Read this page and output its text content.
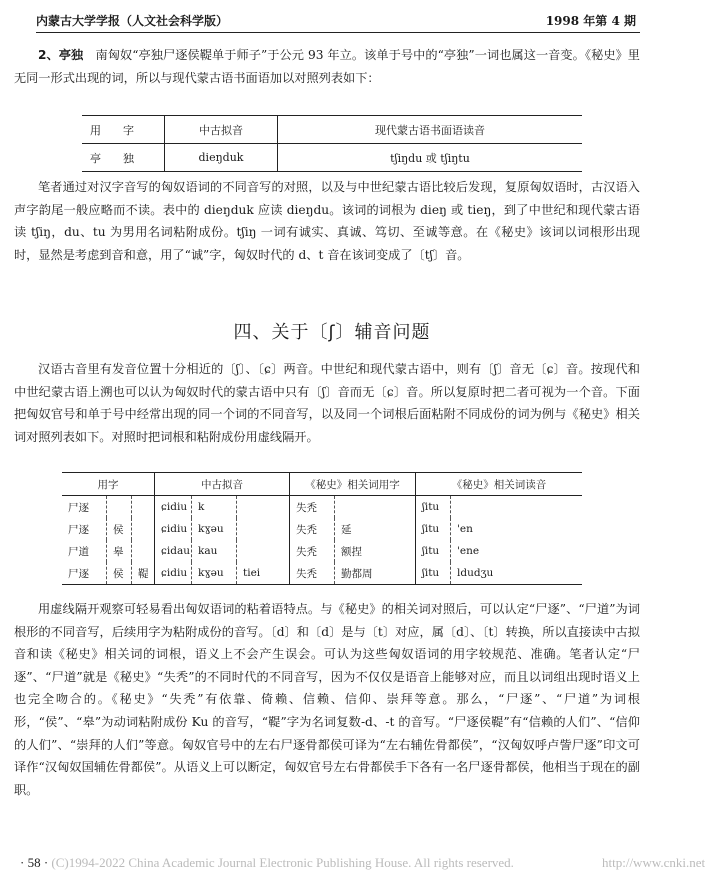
内蒙古大学学报（人文社会科学版）	1998 年第 4 期

2、亭独　南匈奴“亭独尸逐侯鞮单于师子”于公元 93 年立。该单于号中的“亭独”一词也属这一音变。《秘史》里无同一形式出现的词，所以与现代蒙古语书面语加以对照列表如下：

用字	中古拟音	现代蒙古语书面语读音
亭独	dieŋduk	tʃiŋdu 或 tʃiŋtu

笔者通过对汉字音写的匈奴语词的不同音写的对照，以及与中世纪蒙古语比较后发现，复原匈奴语时，古汉语入声字韵尾一般应略而不读。表中的 dieŋduk 应读 dieŋdu。该词的词根为 dieŋ 或 tieŋ，到了中世纪和现代蒙古语读 tʃiŋ，du、tu 为男用名词粘附成份。tʃiŋ 一词有诚实、真诚、笃切、至诚等意。在《秘史》该词以词根形出现时，显然是考虑到音和意，用了“诚”字，匈奴时代的 d、t 音在该词变成了〔tʃ〕音。

四、关于〔ʃ〕辅音问题

汉语古音里有发音位置十分相近的〔ʃ〕、〔ɕ〕两音。中世纪和现代蒙古语中，则有〔ʃ〕音无〔ɕ〕音。按现代和中世纪蒙古语上溯也可以认为匈奴时代的蒙古语中只有〔ʃ〕音而无〔ɕ〕音。所以复原时把二者可视为一个音。下面把匈奴官号和单于号中经常出现的同一个词的不同音写，以及同一个词根后面粘附不同成份的词为例与《秘史》相关词对照列表如下。对照时把词根和粘附成份用虚线隔开。

用字			中古拟音			《秘史》相关词用字		《秘史》相关词读音	
尸逐			ɕidiu	k		失秃		ʃitu	
尸逐	侯		ɕidiu	kɣəu		失秃	延	ʃitu	'en
尸道	皋		ɕidau	kau		失秃	额捏	ʃitu	'ene
尸逐	侯	鞮	ɕidiu	kɣəu	tiei	失秃	勤都周	ʃitu	ldudʒu

用虚线隔开观察可轻易看出匈奴语词的粘着语特点。与《秘史》的相关词对照后，可以认定“尸逐”、“尸道”为词根形的不同音写，后续用字为粘附成份的音写。〔d〕和〔d〕是与〔t〕对应，属〔d〕、〔t〕转换，所以直接读中古拟音和读《秘史》相关词的词根，语义上不会产生误会。可认为这些匈奴语词的用字较规范、准确。笔者认定“尸逐”、“尸道”就是《秘史》“失秃”的不同时代的不同音写，因为不仅仅是语音上能够对应，而且以词组出现时语义上也完全吻合的。《秘史》“失秃”有依靠、倚赖、信赖、信仰、崇拜等意。那么，“尸逐”、“尸道”为词根形，“侯”、“皋”为动词粘附成份 Ku 的音写，“鞮”字为名词复数-d、-t 的音写。“尸逐侯鞮”有“信赖的人们”、“信仰的人们”、“崇拜的人们”等意。匈奴官号中的左右尸逐骨都侯可译为“左右辅佐骨都侯”，“汉匈奴呼卢訾尸逐”印文可译作“汉匈奴国辅佐骨都侯”。从语义上可以断定，匈奴官号左右骨都侯手下各有一名尸逐骨都侯，他相当于现在的副职。

· 58 · (C)1994-2022 China Academic Journal Electronic Publishing House. All rights reserved.	http://www.cnki.net
